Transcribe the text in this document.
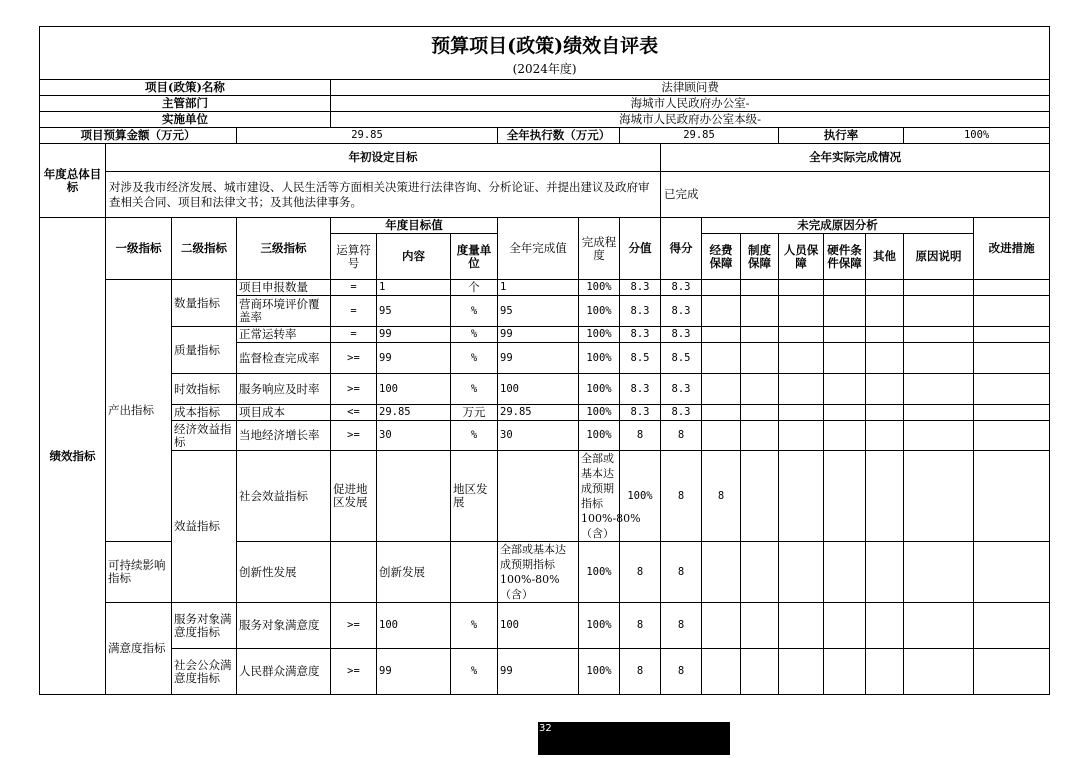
预算项目(政策)绩效自评表																		
(2024年度)																		
项目(政策)名称				法律顾问费														
主管部门				海城市人民政府办公室-														
实施单位				海城市人民政府办公室本级-														
项目预算金额（万元）			29.85				全年执行数（万元）		29.85				执行率			100%		
年度总体目标	年初设定目标									全年实际完成情况								
	对涉及我市经济发展、城市建设、人民生活等方面相关决策进行法律咨询、分析论证、并提出建议及政府审查相关合同、项目和法律文书；及其他法律事务。									已完成								
绩效指标	一级指标	二级指标	三级指标	年度目标值			全年完成值	完成程度	分值	得分	未完成原因分析						改进措施	
				运算符号	内容	度量单位					经费保障	制度保障	人员保障	硬件条件保障	其他	原因说明		
	产出指标	数量指标	项目申报数量	=	1	个	1	100%	8.3	8.3								
			营商环境评价覆盖率	=	95	%	95	100%	8.3	8.3								
		质量指标	正常运转率	=	99	%	99	100%	8.3	8.3								
			监督检查完成率	>=	99	%	99	100%	8.5	8.5								
		时效指标	服务响应及时率	>=	100	%	100	100%	8.3	8.3								
		成本指标	项目成本	<=	29.85	万元	29.85	100%	8.3	8.3								
		经济效益指标	当地经济增长率	>=	30	%	30	100%	8	8								
		效益指标	社会效益指标	促进地区发展		地区发展		全部或基本达成预期指标100%-80%（含）	100%	8	8							
	可持续影响指标		创新性发展		创新发展		全部或基本达成预期指标100%-80%（含）	100%	8	8								
	满意度指标	服务对象满意度指标	服务对象满意度	>=	100	%	100	100%	8	8								
		社会公众满意度指标	人民群众满意度	>=	99	%	99	100%	8	8								
32
